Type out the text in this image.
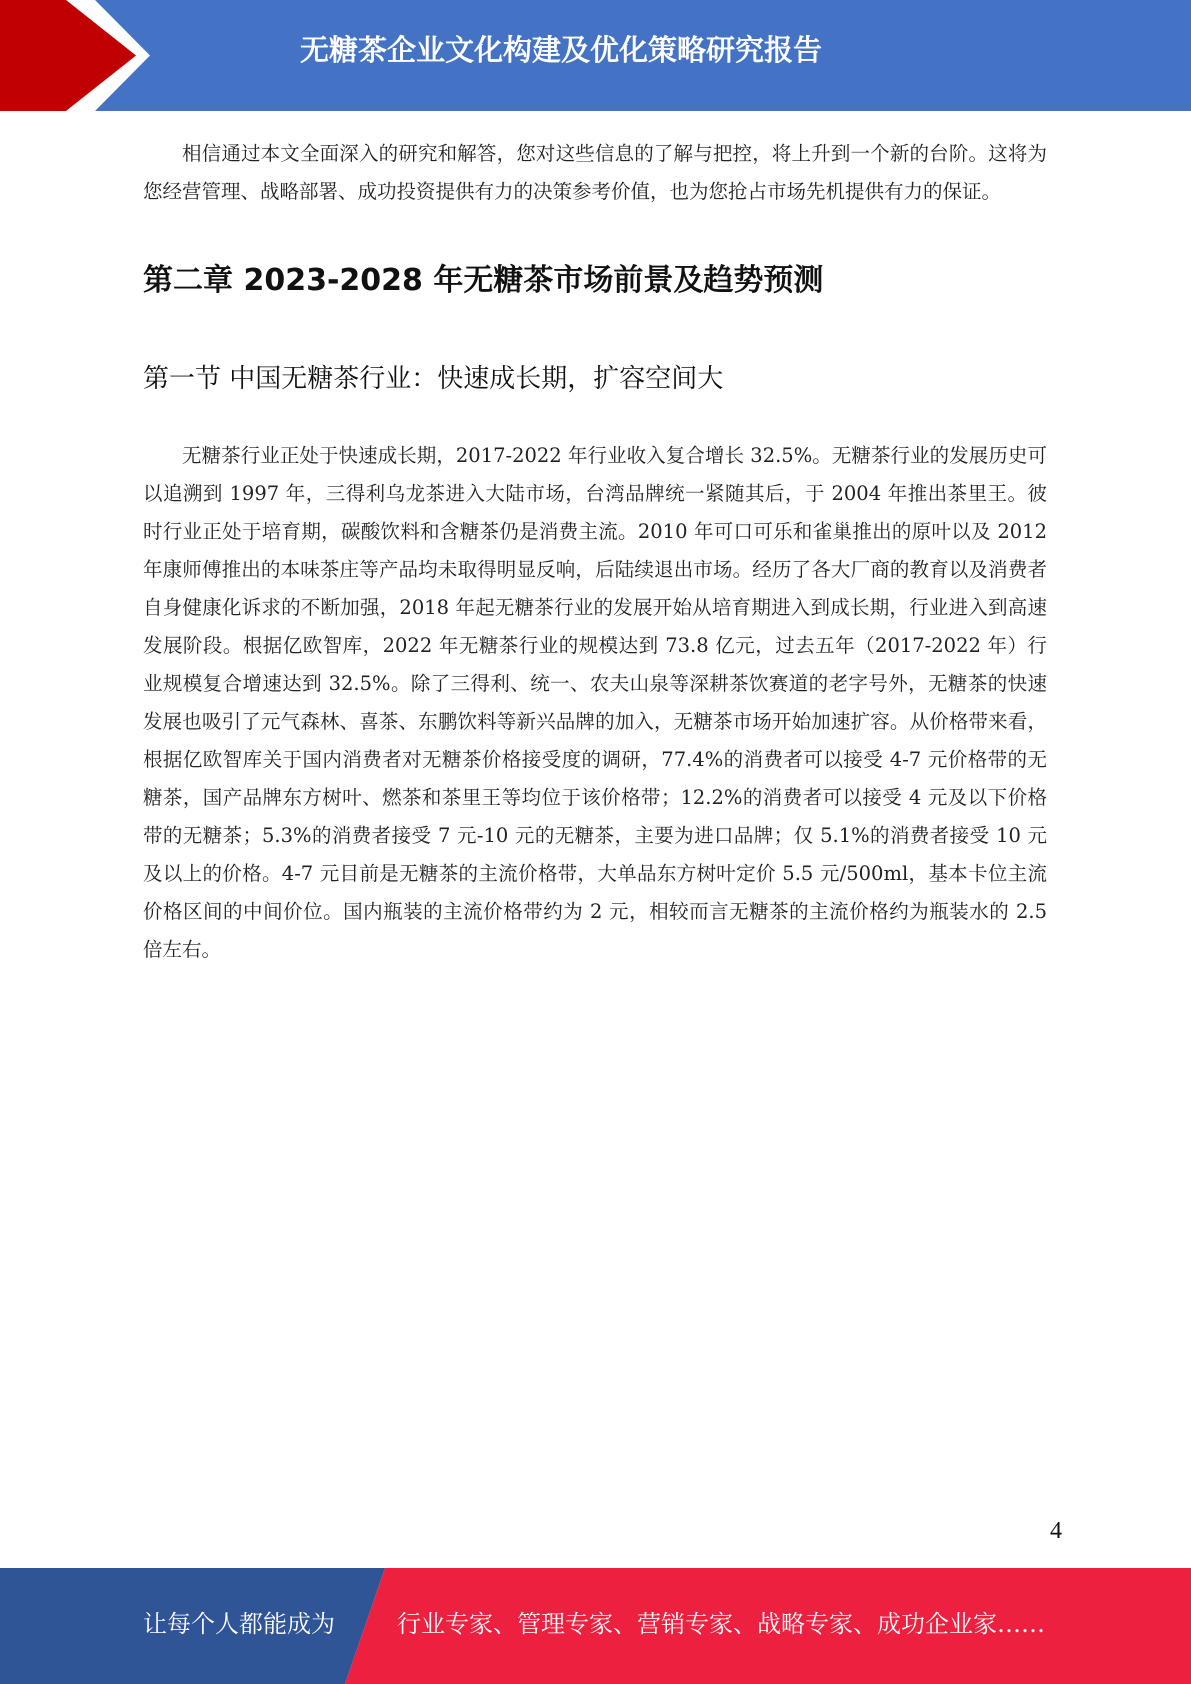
无糖茶企业文化构建及优化策略研究报告

相信通过本文全面深入的研究和解答，您对这些信息的了解与把控，将上升到一个新的台阶。这将为您经营管理、战略部署、成功投资提供有力的决策参考价值，也为您抢占市场先机提供有力的保证。

第二章 2023-2028 年无糖茶市场前景及趋势预测
第一节 中国无糖茶行业：快速成长期，扩容空间大

无糖茶行业正处于快速成长期，2017-2022 年行业收入复合增长 32.5%。无糖茶行业的发展历史可以追溯到 1997 年，三得利乌龙茶进入大陆市场，台湾品牌统一紧随其后，于 2004 年推出茶里王。彼时行业正处于培育期，碳酸饮料和含糖茶仍是消费主流。2010 年可口可乐和雀巢推出的原叶以及 2012 年康师傅推出的本味茶庄等产品均未取得明显反响，后陆续退出市场。经历了各大厂商的教育以及消费者自身健康化诉求的不断加强，2018 年起无糖茶行业的发展开始从培育期进入到成长期，行业进入到高速发展阶段。根据亿欧智库，2022 年无糖茶行业的规模达到 73.8 亿元，过去五年（2017-2022 年）行业规模复合增速达到 32.5%。除了三得利、统一、农夫山泉等深耕茶饮赛道的老字号外，无糖茶的快速发展也吸引了元气森林、喜茶、东鹏饮料等新兴品牌的加入，无糖茶市场开始加速扩容。从价格带来看，根据亿欧智库关于国内消费者对无糖茶价格接受度的调研，77.4%的消费者可以接受 4-7 元价格带的无糖茶，国产品牌东方树叶、燃茶和茶里王等均位于该价格带；12.2%的消费者可以接受 4 元及以下价格带的无糖茶；5.3%的消费者接受 7 元-10 元的无糖茶，主要为进口品牌；仅 5.1%的消费者接受 10 元及以上的价格。4-7 元目前是无糖茶的主流价格带，大单品东方树叶定价 5.5 元/500ml，基本卡位主流价格区间的中间价位。国内瓶装的主流价格带约为 2 元，相较而言无糖茶的主流价格约为瓶装水的 2.5 倍左右。

4
让每个人都能成为	行业专家、管理专家、营销专家、战略专家、成功企业家……
